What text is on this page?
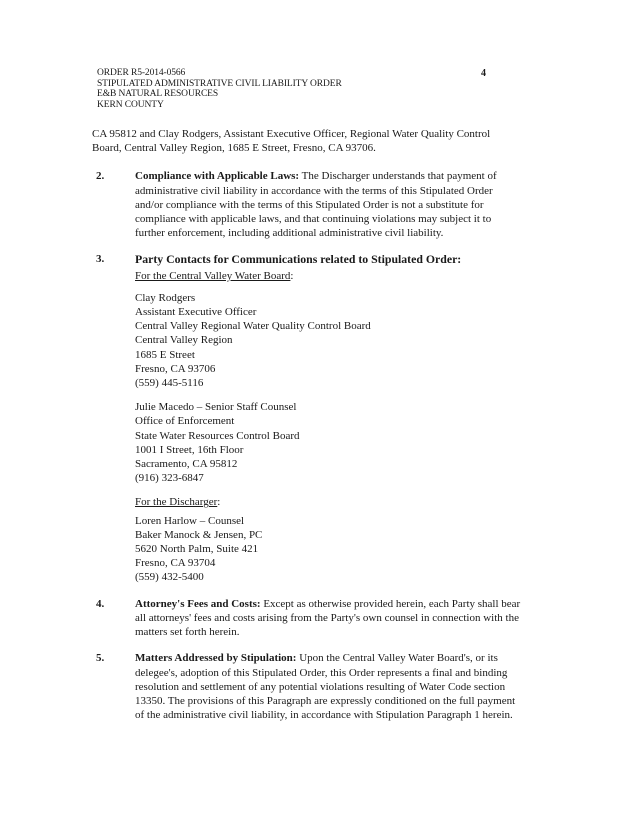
ORDER R5-2014-0566
STIPULATED ADMINISTRATIVE CIVIL LIABILITY ORDER
E&B NATURAL RESOURCES
KERN COUNTY
4

CA 95812 and Clay Rodgers, Assistant Executive Officer, Regional Water Quality Control Board, Central Valley Region, 1685 E Street, Fresno, CA 93706.

2.	Compliance with Applicable Laws: The Discharger understands that payment of administrative civil liability in accordance with the terms of this Stipulated Order and/or compliance with the terms of this Stipulated Order is not a substitute for compliance with applicable laws, and that continuing violations may subject it to further enforcement, including additional administrative civil liability.

3.	Party Contacts for Communications related to Stipulated Order:
For the Central Valley Water Board:
Clay Rodgers
Assistant Executive Officer
Central Valley Regional Water Quality Control Board
Central Valley Region
1685 E Street
Fresno, CA 93706
(559) 445-5116
Julie Macedo – Senior Staff Counsel
Office of Enforcement
State Water Resources Control Board
1001 I Street, 16th Floor
Sacramento, CA 95812
(916) 323-6847
For the Discharger:
Loren Harlow – Counsel
Baker Manock & Jensen, PC
5620 North Palm, Suite 421
Fresno, CA 93704
(559) 432-5400
4.	Attorney's Fees and Costs: Except as otherwise provided herein, each Party shall bear all attorneys' fees and costs arising from the Party's own counsel in connection with the matters set forth herein.

5.	Matters Addressed by Stipulation: Upon the Central Valley Water Board's, or its delegee's, adoption of this Stipulated Order, this Order represents a final and binding resolution and settlement of any potential violations resulting of Water Code section 13350. The provisions of this Paragraph are expressly conditioned on the full payment of the administrative civil liability, in accordance with Stipulation Paragraph 1 herein.
